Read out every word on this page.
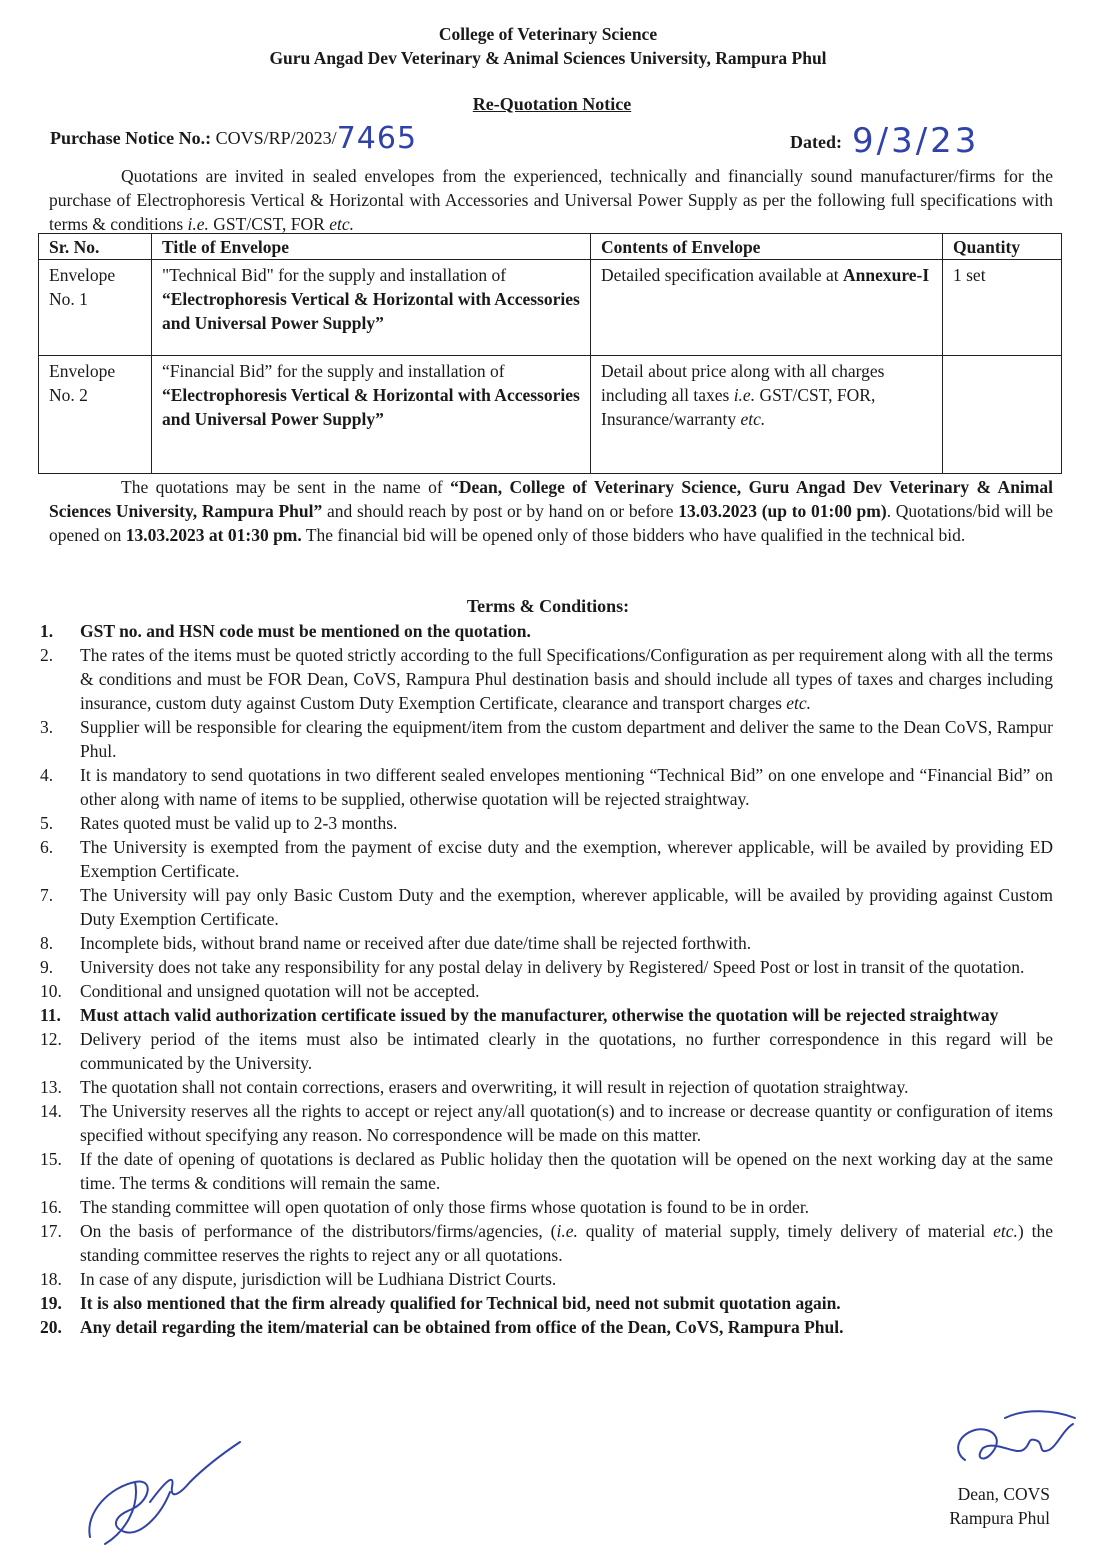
College of Veterinary Science
Guru Angad Dev Veterinary & Animal Sciences University, Rampura Phul
Re-Quotation Notice
Purchase Notice No.: COVS/RP/2023/7465	Dated: 9/3/23
Quotations are invited in sealed envelopes from the experienced, technically and financially sound manufacturer/firms for the purchase of Electrophoresis Vertical & Horizontal with Accessories and Universal Power Supply as per the following full specifications with terms & conditions i.e. GST/CST, FOR etc.
Sr. No.	Title of Envelope	Contents of Envelope	Quantity
Envelope No. 1	"Technical Bid" for the supply and installation of “Electrophoresis Vertical & Horizontal with Accessories and Universal Power Supply”	Detailed specification available at Annexure-I	1 set
Envelope No. 2	“Financial Bid” for the supply and installation of “Electrophoresis Vertical & Horizontal with Accessories and Universal Power Supply”	Detail about price along with all charges including all taxes i.e. GST/CST, FOR, Insurance/warranty etc.	
The quotations may be sent in the name of “Dean, College of Veterinary Science, Guru Angad Dev Veterinary & Animal Sciences University, Rampura Phul” and should reach by post or by hand on or before 13.03.2023 (up to 01:00 pm). Quotations/bid will be opened on 13.03.2023 at 01:30 pm. The financial bid will be opened only of those bidders who have qualified in the technical bid.
Terms & Conditions:
1.	GST no. and HSN code must be mentioned on the quotation.
2.	The rates of the items must be quoted strictly according to the full Specifications/Configuration as per requirement along with all the terms & conditions and must be FOR Dean, CoVS, Rampura Phul destination basis and should include all types of taxes and charges including insurance, custom duty against Custom Duty Exemption Certificate, clearance and transport charges etc.
3.	Supplier will be responsible for clearing the equipment/item from the custom department and deliver the same to the Dean CoVS, Rampur Phul.
4.	It is mandatory to send quotations in two different sealed envelopes mentioning “Technical Bid” on one envelope and “Financial Bid” on other along with name of items to be supplied, otherwise quotation will be rejected straightway.
5.	Rates quoted must be valid up to 2-3 months.
6.	The University is exempted from the payment of excise duty and the exemption, wherever applicable, will be availed by providing ED Exemption Certificate.
7.	The University will pay only Basic Custom Duty and the exemption, wherever applicable, will be availed by providing against Custom Duty Exemption Certificate.
8.	Incomplete bids, without brand name or received after due date/time shall be rejected forthwith.
9.	University does not take any responsibility for any postal delay in delivery by Registered/ Speed Post or lost in transit of the quotation.
10.	Conditional and unsigned quotation will not be accepted.
11.	Must attach valid authorization certificate issued by the manufacturer, otherwise the quotation will be rejected straightway
12.	Delivery period of the items must also be intimated clearly in the quotations, no further correspondence in this regard will be communicated by the University.
13.	The quotation shall not contain corrections, erasers and overwriting, it will result in rejection of quotation straightway.
14.	The University reserves all the rights to accept or reject any/all quotation(s) and to increase or decrease quantity or configuration of items specified without specifying any reason. No correspondence will be made on this matter.
15.	If the date of opening of quotations is declared as Public holiday then the quotation will be opened on the next working day at the same time. The terms & conditions will remain the same.
16.	The standing committee will open quotation of only those firms whose quotation is found to be in order.
17.	On the basis of performance of the distributors/firms/agencies, (i.e. quality of material supply, timely delivery of material etc.) the standing committee reserves the rights to reject any or all quotations.
18.	In case of any dispute, jurisdiction will be Ludhiana District Courts.
19.	It is also mentioned that the firm already qualified for Technical bid, need not submit quotation again.
20.	Any detail regarding the item/material can be obtained from office of the Dean, CoVS, Rampura Phul.
Dean, COVS
Rampura Phul
